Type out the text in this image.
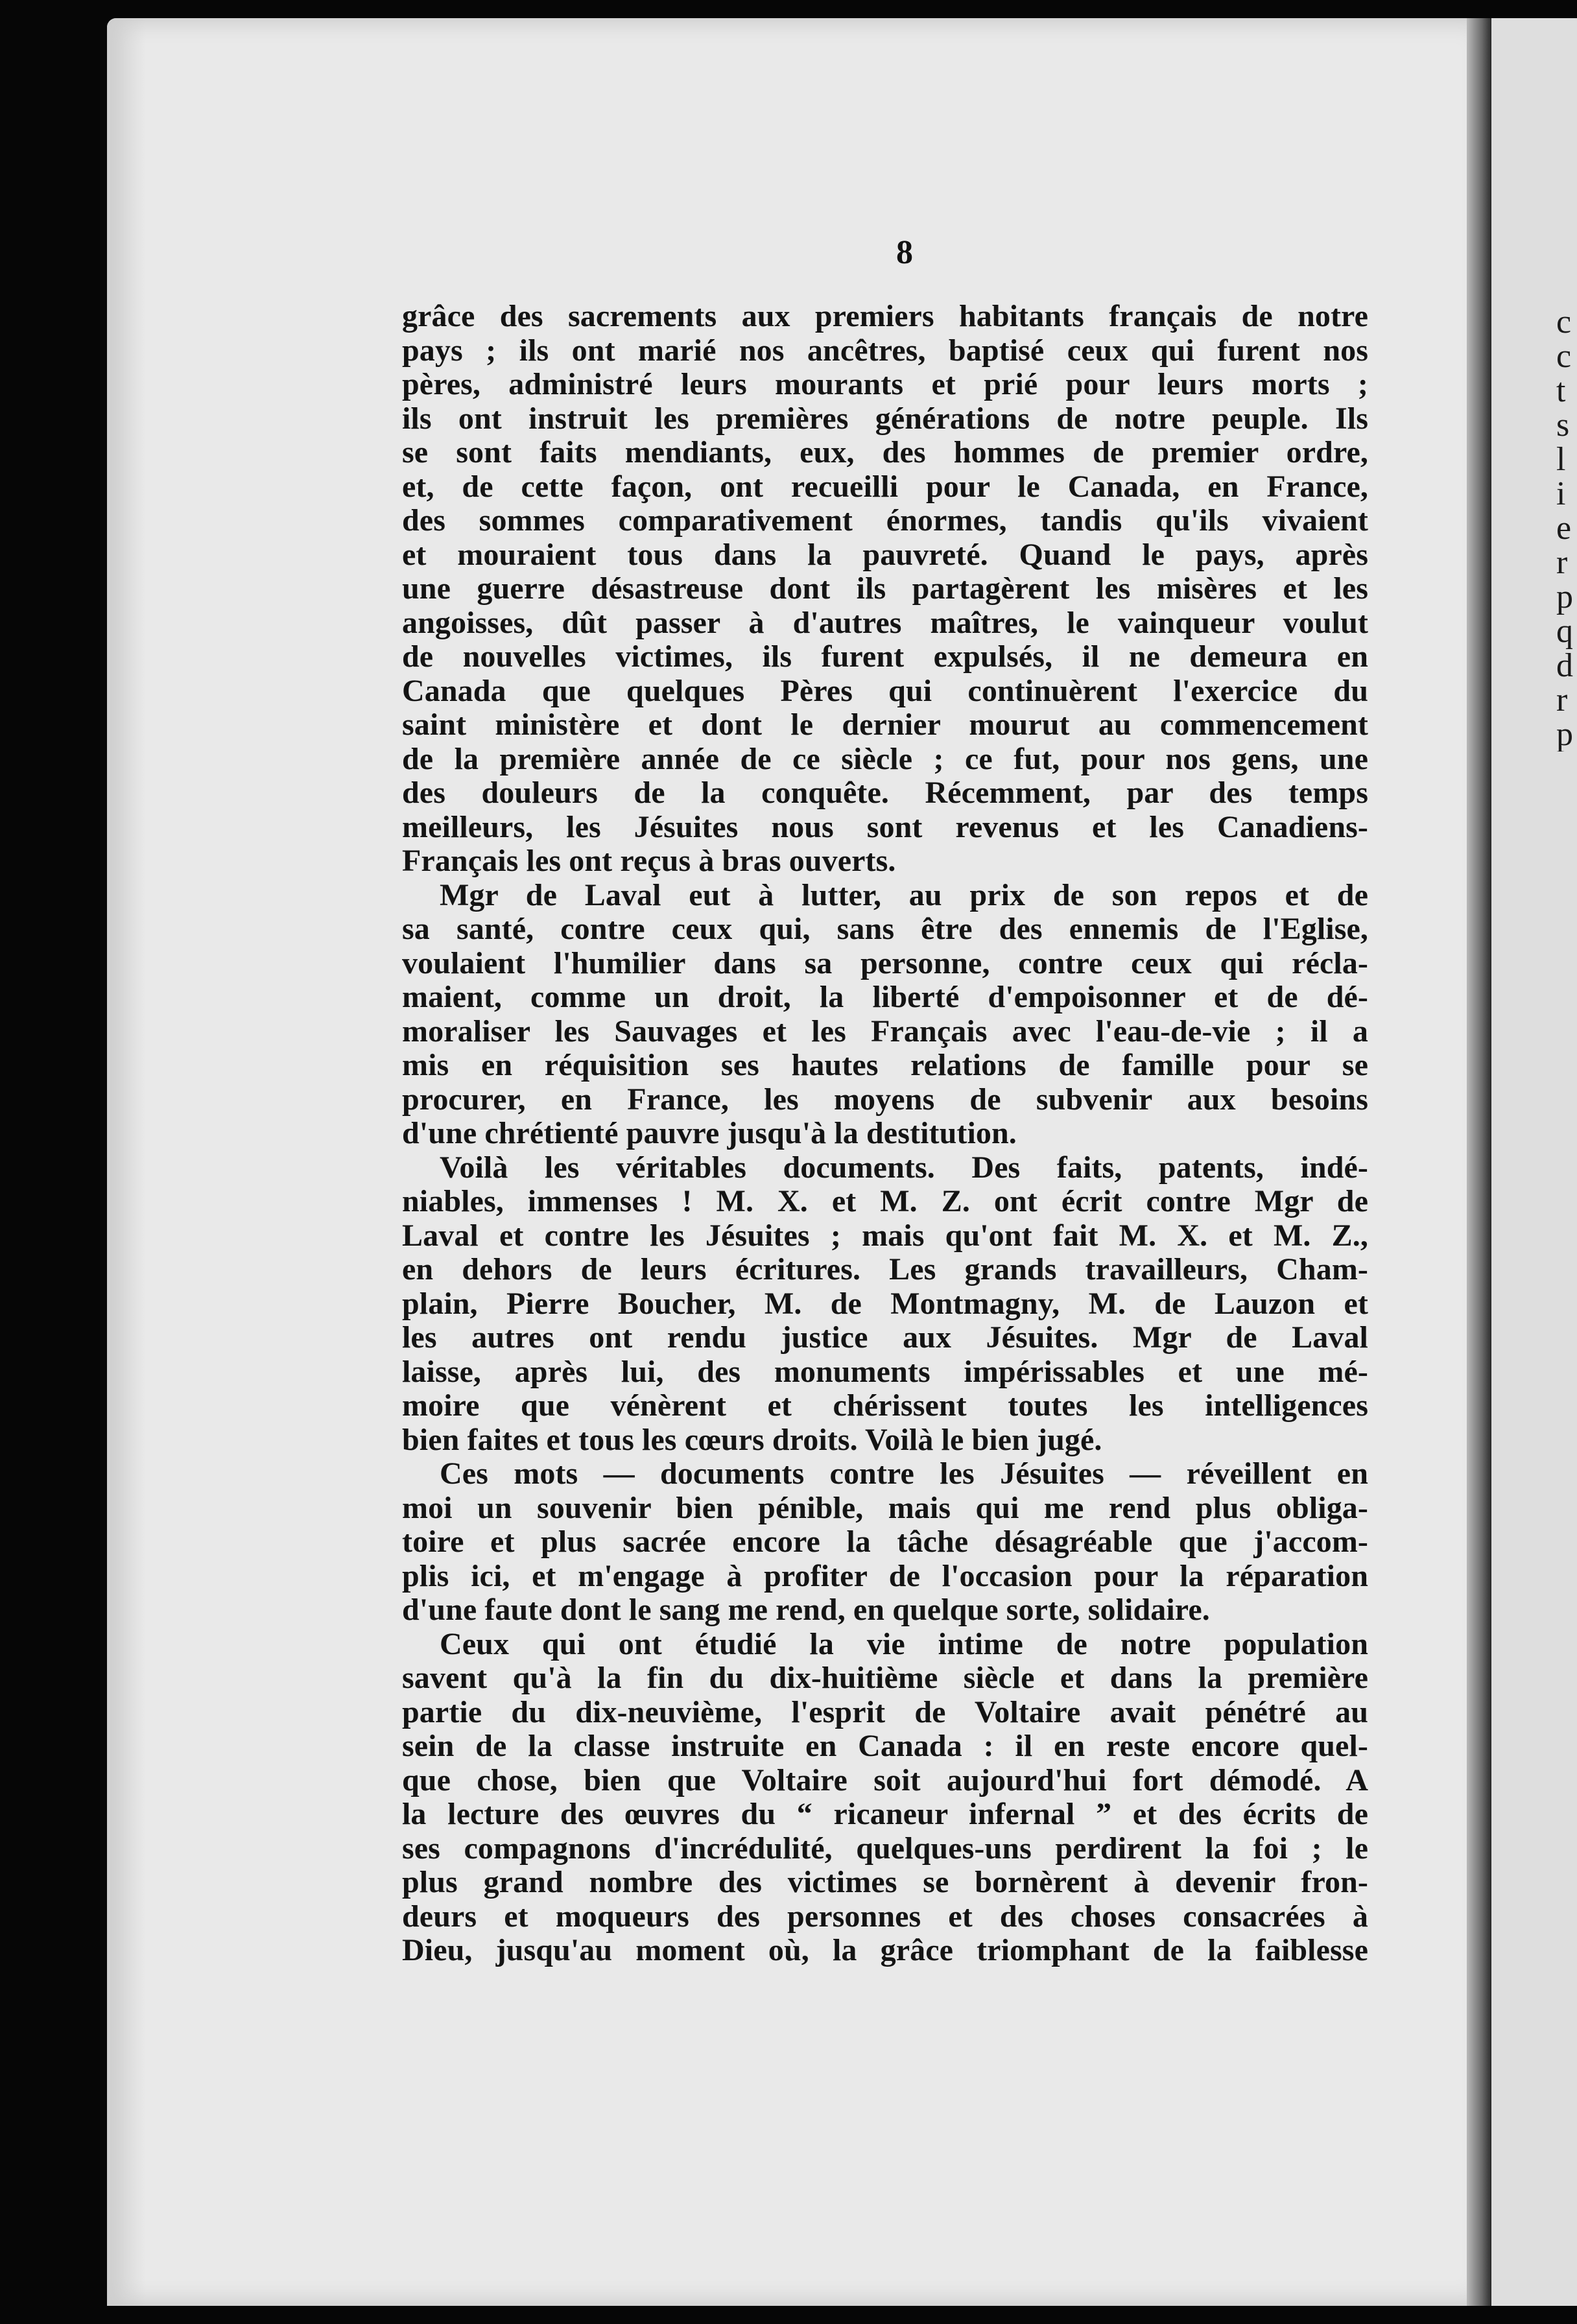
c
c
t
s
l
i
e
r
p
q
d
r
p
8
grâce des sacrements aux premiers habitants français de notre
pays ; ils ont marié nos ancêtres, baptisé ceux qui furent nos
pères, administré leurs mourants et prié pour leurs morts ;
ils ont instruit les premières générations de notre peuple. Ils
se sont faits mendiants, eux, des hommes de premier ordre,
et, de cette façon, ont recueilli pour le Canada, en France,
des sommes comparativement énormes, tandis qu'ils vivaient
et mouraient tous dans la pauvreté. Quand le pays, après
une guerre désastreuse dont ils partagèrent les misères et les
angoisses, dût passer à d'autres maîtres, le vainqueur voulut
de nouvelles victimes, ils furent expulsés, il ne demeura en
Canada que quelques Pères qui continuèrent l'exercice du
saint ministère et dont le dernier mourut au commencement
de la première année de ce siècle ; ce fut, pour nos gens, une
des douleurs de la conquête. Récemment, par des temps
meilleurs, les Jésuites nous sont revenus et les Canadiens-
Français les ont reçus à bras ouverts.
Mgr de Laval eut à lutter, au prix de son repos et de
sa santé, contre ceux qui, sans être des ennemis de l'Eglise,
voulaient l'humilier dans sa personne, contre ceux qui récla-
maient, comme un droit, la liberté d'empoisonner et de dé-
moraliser les Sauvages et les Français avec l'eau-de-vie ; il a
mis en réquisition ses hautes relations de famille pour se
procurer, en France, les moyens de subvenir aux besoins
d'une chrétienté pauvre jusqu'à la destitution.
Voilà les véritables documents. Des faits, patents, indé-
niables, immenses ! M. X. et M. Z. ont écrit contre Mgr de
Laval et contre les Jésuites ; mais qu'ont fait M. X. et M. Z.,
en dehors de leurs écritures. Les grands travailleurs, Cham-
plain, Pierre Boucher, M. de Montmagny, M. de Lauzon et
les autres ont rendu justice aux Jésuites. Mgr de Laval
laisse, après lui, des monuments impérissables et une mé-
moire que vénèrent et chérissent toutes les intelligences
bien faites et tous les cœurs droits. Voilà le bien jugé.
Ces mots — documents contre les Jésuites — réveillent en
moi un souvenir bien pénible, mais qui me rend plus obliga-
toire et plus sacrée encore la tâche désagréable que j'accom-
plis ici, et m'engage à profiter de l'occasion pour la réparation
d'une faute dont le sang me rend, en quelque sorte, solidaire.
Ceux qui ont étudié la vie intime de notre population
savent qu'à la fin du dix-huitième siècle et dans la première
partie du dix-neuvième, l'esprit de Voltaire avait pénétré au
sein de la classe instruite en Canada : il en reste encore quel-
que chose, bien que Voltaire soit aujourd'hui fort démodé. A
la lecture des œuvres du “ ricaneur infernal ” et des écrits de
ses compagnons d'incrédulité, quelques-uns perdirent la foi ; le
plus grand nombre des victimes se bornèrent à devenir fron-
deurs et moqueurs des personnes et des choses consacrées à
Dieu, jusqu'au moment où, la grâce triomphant de la faiblesse
